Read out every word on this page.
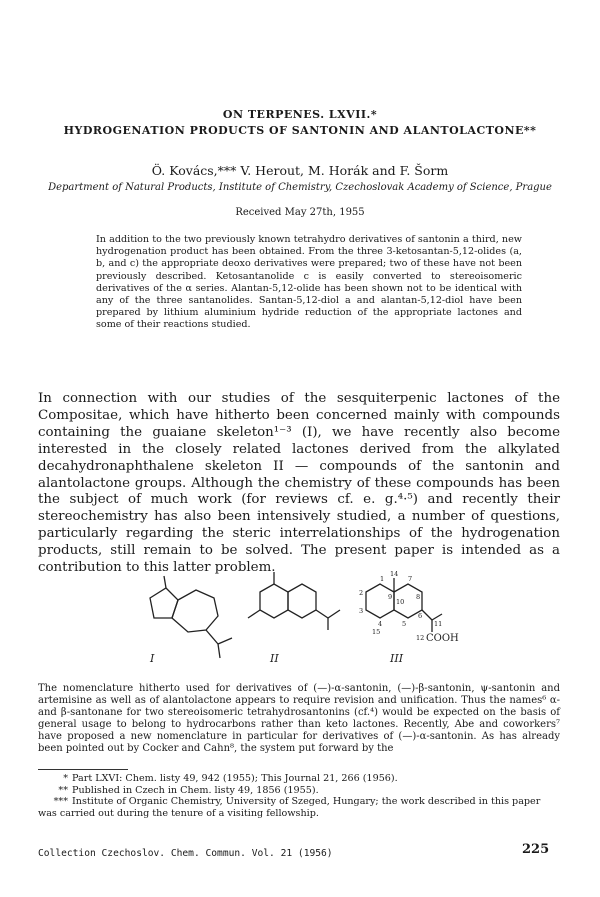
ON TERPENES. LXVII.*
HYDROGENATION PRODUCTS OF SANTONIN AND ALANTOLACTONE**
Ö. Kovács,*** V. Herout, M. Horák and F. Šorm
Department of Natural Products, Institute of Chemistry, Czechoslovak Academy of Science, Prague
Received May 27th, 1955

In addition to the two previously known tetrahydro derivatives of santonin a third, new hydrogenation product has been obtained. From the three 3-ketosantan-5,12-olides (a, b, and c) the appropriate deoxo derivatives were prepared; two of these have not been previously described. Ketosantanolide c is easily converted to stereoisomeric derivatives of the α series. Alantan-5,12-olide has been shown not to be identical with any of the three santanolides. Santan-5,12-diol a and alantan-5,12-diol have been prepared by lithium aluminium hydride reduction of the appropriate lactones and some of their reactions studied.

In connection with our studies of the sesquiterpenic lactones of the Compositae, which have hitherto been concerned mainly with compounds containing the guaiane skeleton¹⁻³ (I), we have recently also become interested in the closely related lactones derived from the alkylated decahydronaphthalene skeleton II — compounds of the santonin and alantolactone groups. Although the chemistry of these compounds has been the subject of much work (for reviews cf. e. g.⁴·⁵) and recently their stereochemistry has also been intensively studied, a number of questions, particularly regarding the steric interrelationships of the hydrogenation products, still remain to be solved. The present paper is intended as a contribution to this latter problem.	14
1	7
2	9
10
3
8
4	5
6
15
11
12 COOH
I	II	III

The nomenclature hitherto used for derivatives of (—)-α-santonin, (—)-β-santonin, ψ-santonin and artemisine as well as of alantolactone appears to require revision and unification. Thus the names⁶ α- and β-santonane for two stereoisomeric tetrahydrosantonins (cf.⁴) would be expected on the basis of general usage to belong to hydrocarbons rather than keto lactones. Recently, Abe and coworkers⁷ have proposed a new nomenclature in particular for derivatives of (—)-α-santonin. As has already been pointed out by Cocker and Cahn⁸, the system put forward by the

* Part LXVI: Chem. listy 49, 942 (1955); This Journal 21, 266 (1956).

** Published in Czech in Chem. listy 49, 1856 (1955).

*** Institute of Organic Chemistry, University of Szeged, Hungary; the work described in this paper was carried out during the tenure of a visiting fellowship.

Collection Czechoslov. Chem. Commun. Vol. 21 (1956)	225
